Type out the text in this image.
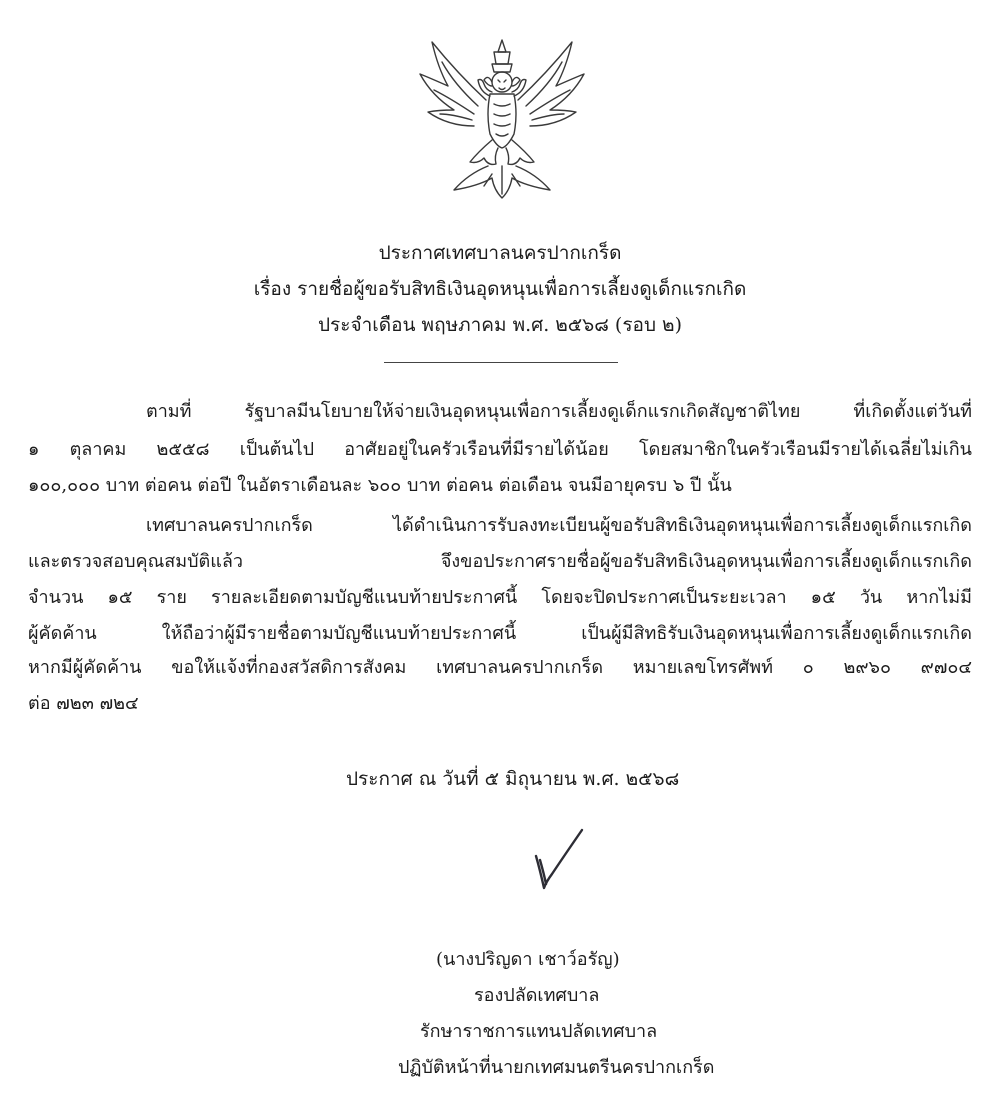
ประกาศเทศบาลนครปากเกร็ด
เรื่อง รายชื่อผู้ขอรับสิทธิเงินอุดหนุนเพื่อการเลี้ยงดูเด็กแรกเกิด
ประจำเดือน พฤษภาคม พ.ศ. ๒๕๖๘ (รอบ ๒)
ตามที่ รัฐบาลมีนโยบายให้จ่ายเงินอุดหนุนเพื่อการเลี้ยงดูเด็กแรกเกิดสัญชาติไทย ที่เกิดตั้งแต่วันที่
๑ ตุลาคม ๒๕๕๘ เป็นต้นไป อาศัยอยู่ในครัวเรือนที่มีรายได้น้อย โดยสมาชิกในครัวเรือนมีรายได้เฉลี่ยไม่เกิน
๑๐๐,๐๐๐ บาท ต่อคน ต่อปี ในอัตราเดือนละ ๖๐๐ บาท ต่อคน ต่อเดือน จนมีอายุครบ ๖ ปี นั้น
เทศบาลนครปากเกร็ด ได้ดำเนินการรับลงทะเบียนผู้ขอรับสิทธิเงินอุดหนุนเพื่อการเลี้ยงดูเด็กแรกเกิด
และตรวจสอบคุณสมบัติแล้ว จึงขอประกาศรายชื่อผู้ขอรับสิทธิเงินอุดหนุนเพื่อการเลี้ยงดูเด็กแรกเกิด
จำนวน ๑๕ ราย รายละเอียดตามบัญชีแนบท้ายประกาศนี้ โดยจะปิดประกาศเป็นระยะเวลา ๑๕ วัน หากไม่มี
ผู้คัดค้าน ให้ถือว่าผู้มีรายชื่อตามบัญชีแนบท้ายประกาศนี้ เป็นผู้มีสิทธิรับเงินอุดหนุนเพื่อการเลี้ยงดูเด็กแรกเกิด
หากมีผู้คัดค้าน ขอให้แจ้งที่กองสวัสดิการสังคม เทศบาลนครปากเกร็ด หมายเลขโทรศัพท์ ๐ ๒๙๖๐ ๙๗๐๔
ต่อ ๗๒๓ ๗๒๔
ประกาศ ณ วันที่ ๕ มิถุนายน พ.ศ. ๒๕๖๘
(นางปริญดา เชาว์อรัญ)
รองปลัดเทศบาล
รักษาราชการแทนปลัดเทศบาล
ปฏิบัติหน้าที่นายกเทศมนตรีนครปากเกร็ด
